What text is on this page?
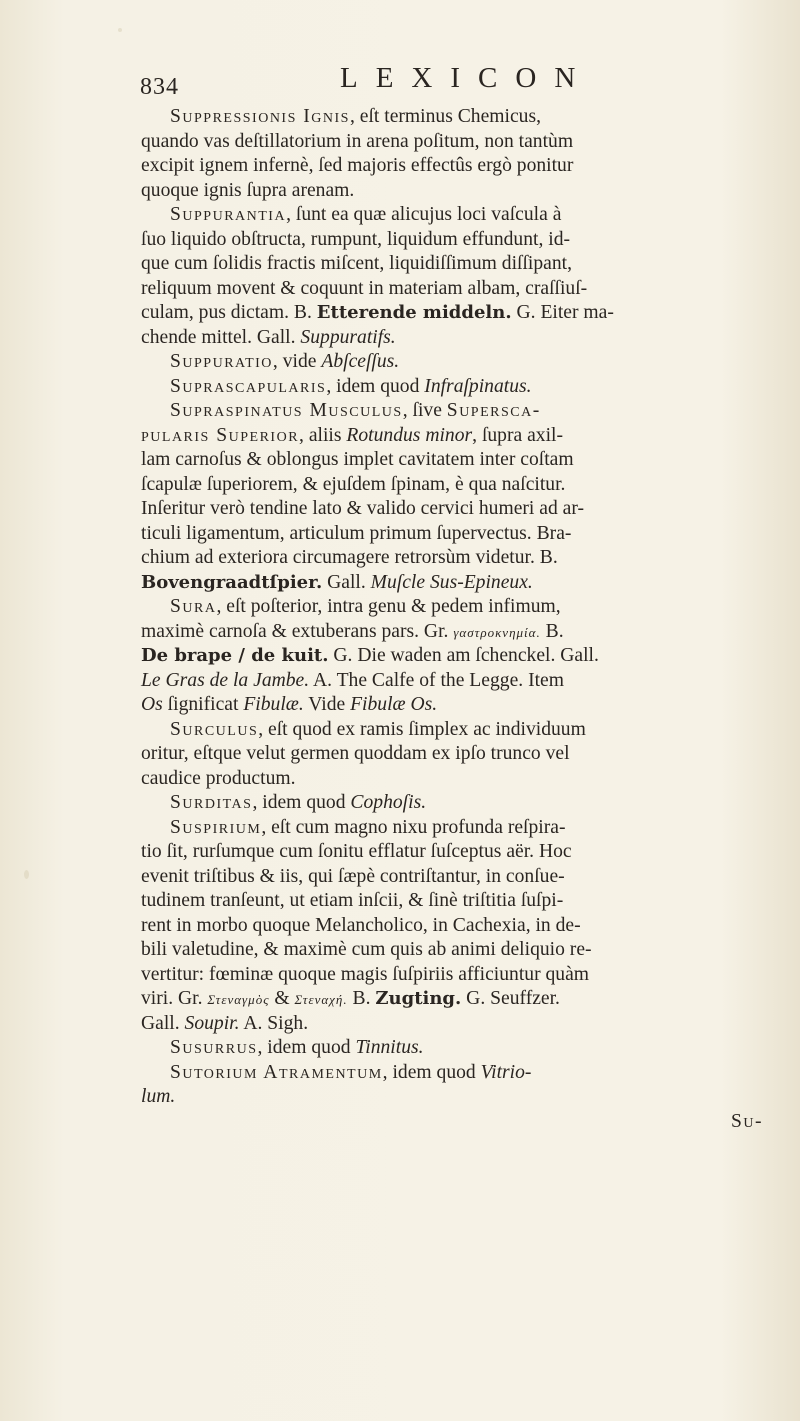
834	LEXICON
Suppressionis Ignis, eſt terminus Chemicus,
quando vas deſtillatorium in arena poſitum, non tantùm
excipit ignem infernè, ſed majoris effectûs ergò ponitur
quoque ignis ſupra arenam.
Suppurantia, ſunt ea quæ alicujus loci vaſcula à
ſuo liquido obſtructa, rumpunt, liquidum effundunt, id-
que cum ſolidis fractis miſcent, liquidiſſimum diſſipant,
reliquum movent & coquunt in materiam albam, craſſiuſ-
culam, pus dictam. B. Etterende middeln. G. Eiter ma-
chende mittel. Gall. Suppuratifs.
Suppuratio, vide Abſceſſus.
Suprascapularis, idem quod Infraſpinatus.
Supraspinatus Musculus, ſive Supersca-
pularis Superior, aliis Rotundus minor, ſupra axil-
lam carnoſus & oblongus implet cavitatem inter coſtam
ſcapulæ ſuperiorem, & ejuſdem ſpinam, è qua naſcitur.
Inſeritur verò tendine lato & valido cervici humeri ad ar-
ticuli ligamentum, articulum primum ſupervectus. Bra-
chium ad exteriora circumagere retrorsùm videtur. B.
Bovengraadtſpier. Gall. Muſcle Sus-Epineux.
Sura, eſt poſterior, intra genu & pedem infimum,
maximè carnoſa & extuberans pars. Gr. γαστροκνημία. B.
De brape / de kuit. G. Die waden am ſchenckel. Gall.
Le Gras de la Jambe. A. The Calfe of the Legge. Item
Os ſignificat Fibulæ. Vide Fibulæ Os.
Surculus, eſt quod ex ramis ſimplex ac individuum
oritur, eſtque velut germen quoddam ex ipſo trunco vel
caudice productum.
Surditas, idem quod Cophoſis.
Suspirium, eſt cum magno nixu profunda reſpira-
tio ſit, rurſumque cum ſonitu efflatur ſuſceptus aër. Hoc
evenit triſtibus & iis, qui ſæpè contriſtantur, in conſue-
tudinem tranſeunt, ut etiam inſcii, & ſinè triſtitia ſuſpi-
rent in morbo quoque Melancholico, in Cachexia, in de-
bili valetudine, & maximè cum quis ab animi deliquio re-
vertitur: fœminæ quoque magis ſuſpiriis afficiuntur quàm
viri. Gr. Στεναγμὸς & Στεναχή. B. Zugting. G. Seuffzer.
Gall. Soupir. A. Sigh.
Susurrus, idem quod Tinnitus.
Sutorium Atramentum, idem quod Vitrio-
lum.
Su-
